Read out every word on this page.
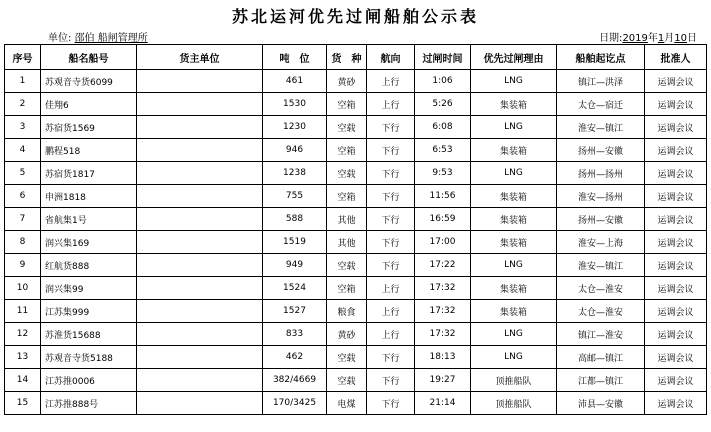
苏北运河优先过闸船舶公示表
单位: 邵伯 船闸管理所	日期:2019年1月10日
序号	船名船号	货主单位	吨　位	货　种	航向	过闸时间	优先过闸理由	船舶起讫点	批准人
1	苏观音寺货6099		461	黄砂	上行	1:06	LNG	镇江—洪泽	运调会议
2	佳翔6		1530	空箱	上行	5:26	集装箱	太仓—宿迁	运调会议
3	苏宿货1569		1230	空载	下行	6:08	LNG	淮安—镇江	运调会议
4	鹏程518		946	空箱	下行	6:53	集装箱	扬州—安徽	运调会议
5	苏宿货1817		1238	空载	下行	9:53	LNG	扬州—扬州	运调会议
6	申洲1818		755	空箱	下行	11:56	集装箱	淮安—扬州	运调会议
7	省航集1号		588	其他	下行	16:59	集装箱	扬州—安徽	运调会议
8	润兴集169		1519	其他	下行	17:00	集装箱	淮安—上海	运调会议
9	红航货888		949	空载	下行	17:22	LNG	淮安—镇江	运调会议
10	润兴集99		1524	空箱	上行	17:32	集装箱	太仓—淮安	运调会议
11	江苏集999		1527	粮食	上行	17:32	集装箱	太仓—淮安	运调会议
12	苏淮货15688		833	黄砂	上行	17:32	LNG	镇江—淮安	运调会议
13	苏观音寺货5188		462	空载	下行	18:13	LNG	高邮—镇江	运调会议
14	江苏推0006		382/4669	空载	下行	19:27	顶推船队	江都—镇江	运调会议
15	江苏推888号		170/3425	电煤	下行	21:14	顶推船队	沛县—安徽	运调会议
